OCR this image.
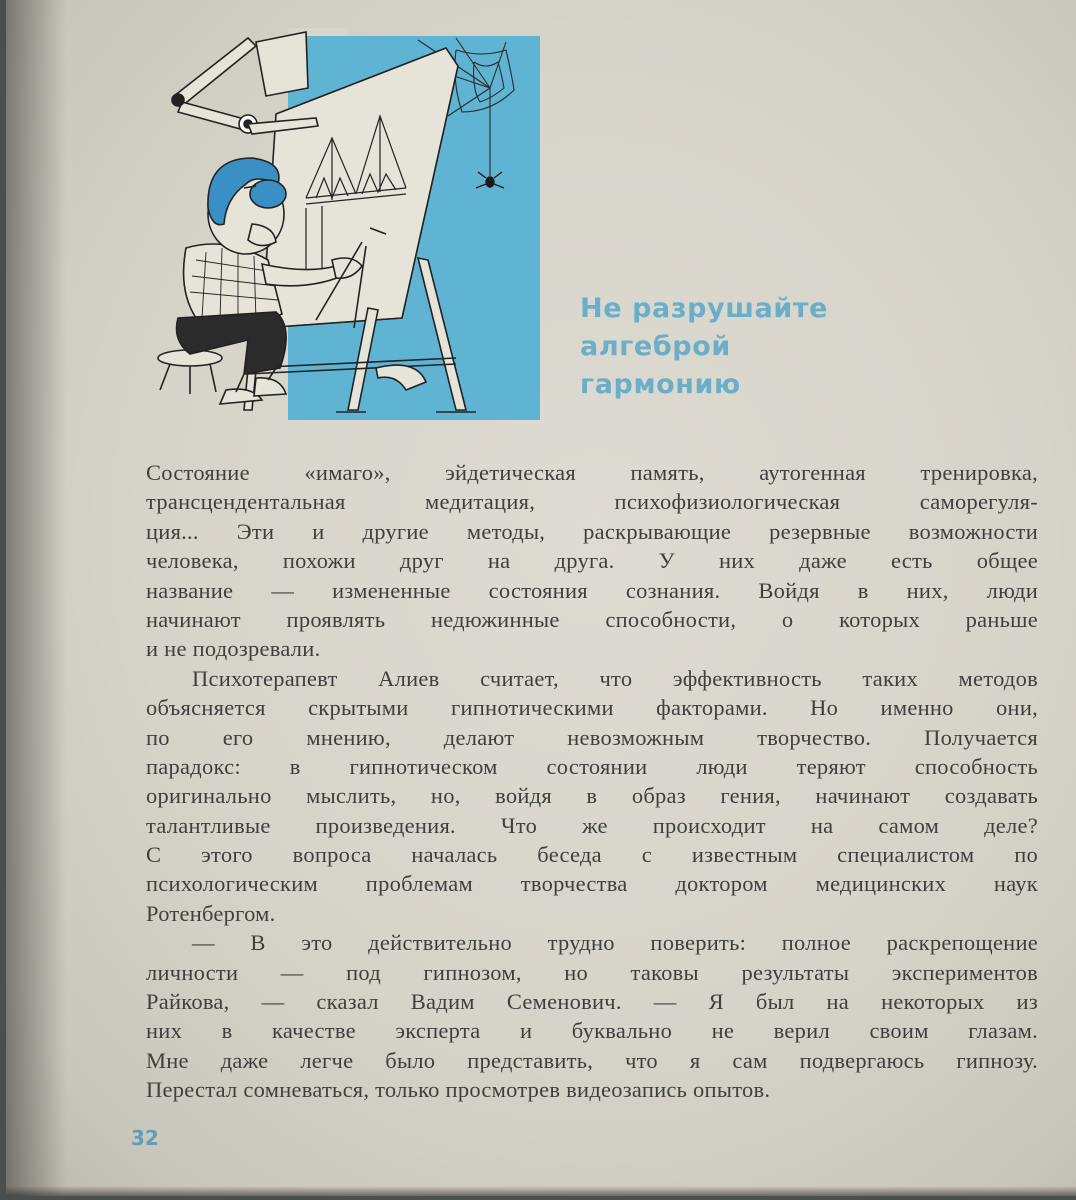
Не разрушайте
алгеброй
гармонию
Состояние «имаго», эйдетическая память, аутогенная тренировка,
трансцендентальная медитация, психофизиологическая саморегуля-
ция... Эти и другие методы, раскрывающие резервные возможности
человека, похожи друг на друга. У них даже есть общее
название — измененные состояния сознания. Войдя в них, люди
начинают проявлять недюжинные способности, о которых раньше
и не подозревали.
Психотерапевт Алиев считает, что эффективность таких методов
объясняется скрытыми гипнотическими факторами. Но именно они,
по его мнению, делают невозможным творчество. Получается
парадокс: в гипнотическом состоянии люди теряют способность
оригинально мыслить, но, войдя в образ гения, начинают создавать
талантливые произведения. Что же происходит на самом деле?
С этого вопроса началась беседа с известным специалистом по
психологическим проблемам творчества доктором медицинских наук
Ротенбергом.
— В это действительно трудно поверить: полное раскрепощение
личности — под гипнозом, но таковы результаты экспериментов
Райкова, — сказал Вадим Семенович. — Я был на некоторых из
них в качестве эксперта и буквально не верил своим глазам.
Мне даже легче было представить, что я сам подвергаюсь гипнозу.
Перестал сомневаться, только просмотрев видеозапись опытов.
32
